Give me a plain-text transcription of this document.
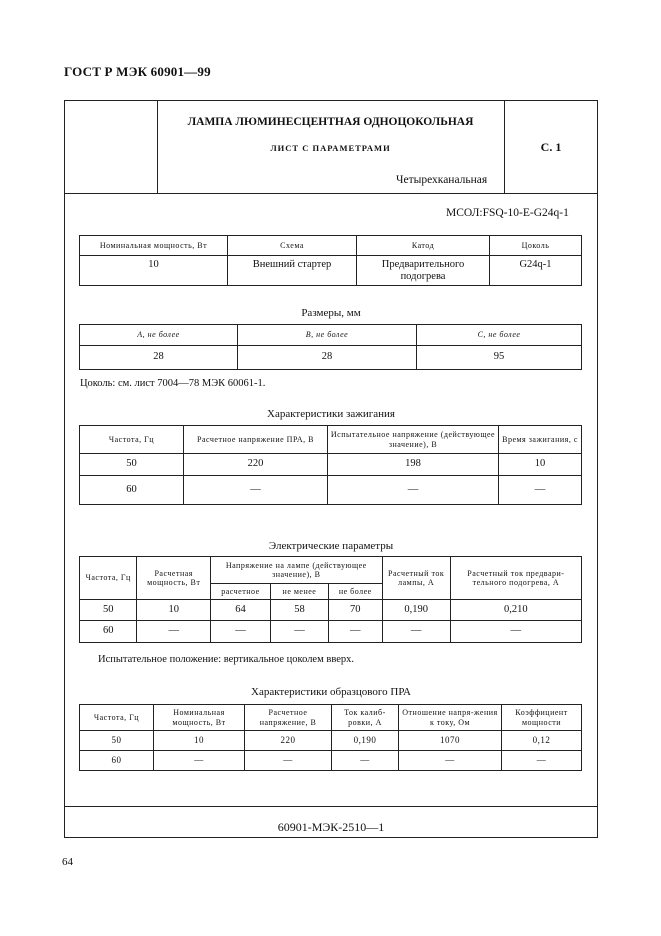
ГОСТ Р МЭК 60901—99
ЛАМПА ЛЮМИНЕСЦЕНТНАЯ ОДНОЦОКОЛЬНАЯ
ЛИСТ С ПАРАМЕТРАМИ	С. 1
Четырехканальная
МСОЛ:FSQ-10-E-G24q-1
Номинальная мощность, Вт	Схема	Катод	Цоколь
10	Внешний стартер	Предварительного подогрева	G24q-1
Размеры, мм
A, не более	B, не более	C, не более
28	28	95
Цоколь: см. лист 7004—78 МЭК 60061-1.
Характеристики зажигания
Частота, Гц	Расчетное напряжение ПРА, В	Испытательное напряжение (действующее значение), В	Время зажигания, с
50	220	198	10
60	—	—	—
Электрические параметры
Частота, Гц	Расчетная мощность, Вт	Напряжение на лампе (действующее значение), В			Расчетный ток лампы, А	Расчетный ток предвари-тельного подогрева, А
		расчетное	не менее	не более		
50	10	64	58	70	0,190	0,210
60	—	—	—	—	—	—
Испытательное положение: вертикальное цоколем вверх.
Характеристики образцового ПРА
Частота, Гц	Номинальная мощность, Вт	Расчетное напряжение, В	Ток калиб-ровки, А	Отношение напря-жения к току, Ом	Коэффициент мощности
50	10	220	0,190	1070	0,12
60	—	—	—	—	—
60901-МЭК-2510—1
64
